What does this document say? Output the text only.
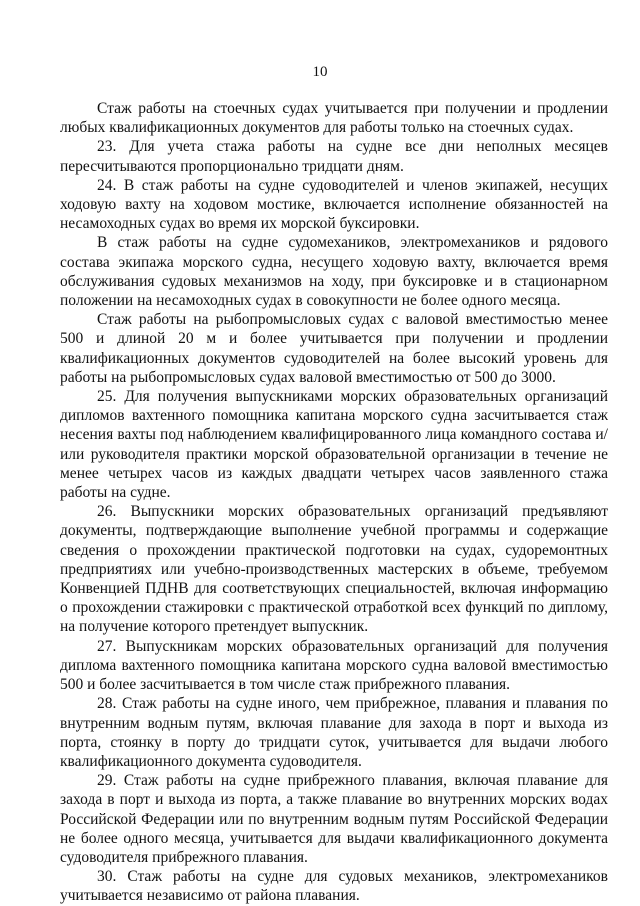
10

Стаж работы на стоечных судах учитывается при получении и продлении любых квалификационных документов для работы только на стоечных судах.

23. Для учета стажа работы на судне все дни неполных месяцев пересчитываются пропорционально тридцати дням.

24. В стаж работы на судне судоводителей и членов экипажей, несущих ходовую вахту на ходовом мостике, включается исполнение обязанностей на несамоходных судах во время их морской буксировки.

В стаж работы на судне судомехаников, электромехаников и рядового состава экипажа морского судна, несущего ходовую вахту, включается время обслуживания судовых механизмов на ходу, при буксировке и в стационарном положении на несамоходных судах в совокупности не более одного месяца.

Стаж работы на рыбопромысловых судах с валовой вместимостью менее 500 и длиной 20 м и более учитывается при получении и продлении квалификационных документов судоводителей на более высокий уровень для работы на рыбопромысловых судах валовой вместимостью от 500 до 3000.

25. Для получения выпускниками морских образовательных организаций дипломов вахтенного помощника капитана морского судна засчитывается стаж несения вахты под наблюдением квалифицированного лица командного состава и/или руководителя практики морской образовательной организации в течение не менее четырех часов из каждых двадцати четырех часов заявленного стажа работы на судне.

26. Выпускники морских образовательных организаций предъявляют документы, подтверждающие выполнение учебной программы и содержащие сведения о прохождении практической подготовки на судах, судоремонтных предприятиях или учебно-производственных мастерских в объеме, требуемом Конвенцией ПДНВ для соответствующих специальностей, включая информацию о прохождении стажировки с практической отработкой всех функций по диплому, на получение которого претендует выпускник.

27. Выпускникам морских образовательных организаций для получения диплома вахтенного помощника капитана морского судна валовой вместимостью 500 и более засчитывается в том числе стаж прибрежного плавания.

28. Стаж работы на судне иного, чем прибрежное, плавания и плавания по внутренним водным путям, включая плавание для захода в порт и выхода из порта, стоянку в порту до тридцати суток, учитывается для выдачи любого квалификационного документа судоводителя.

29. Стаж работы на судне прибрежного плавания, включая плавание для захода в порт и выхода из порта, а также плавание во внутренних морских водах Российской Федерации или по внутренним водным путям Российской Федерации не более одного месяца, учитывается для выдачи квалификационного документа судоводителя прибрежного плавания.

30. Стаж работы на судне для судовых механиков, электромехаников учитывается независимо от района плавания.
